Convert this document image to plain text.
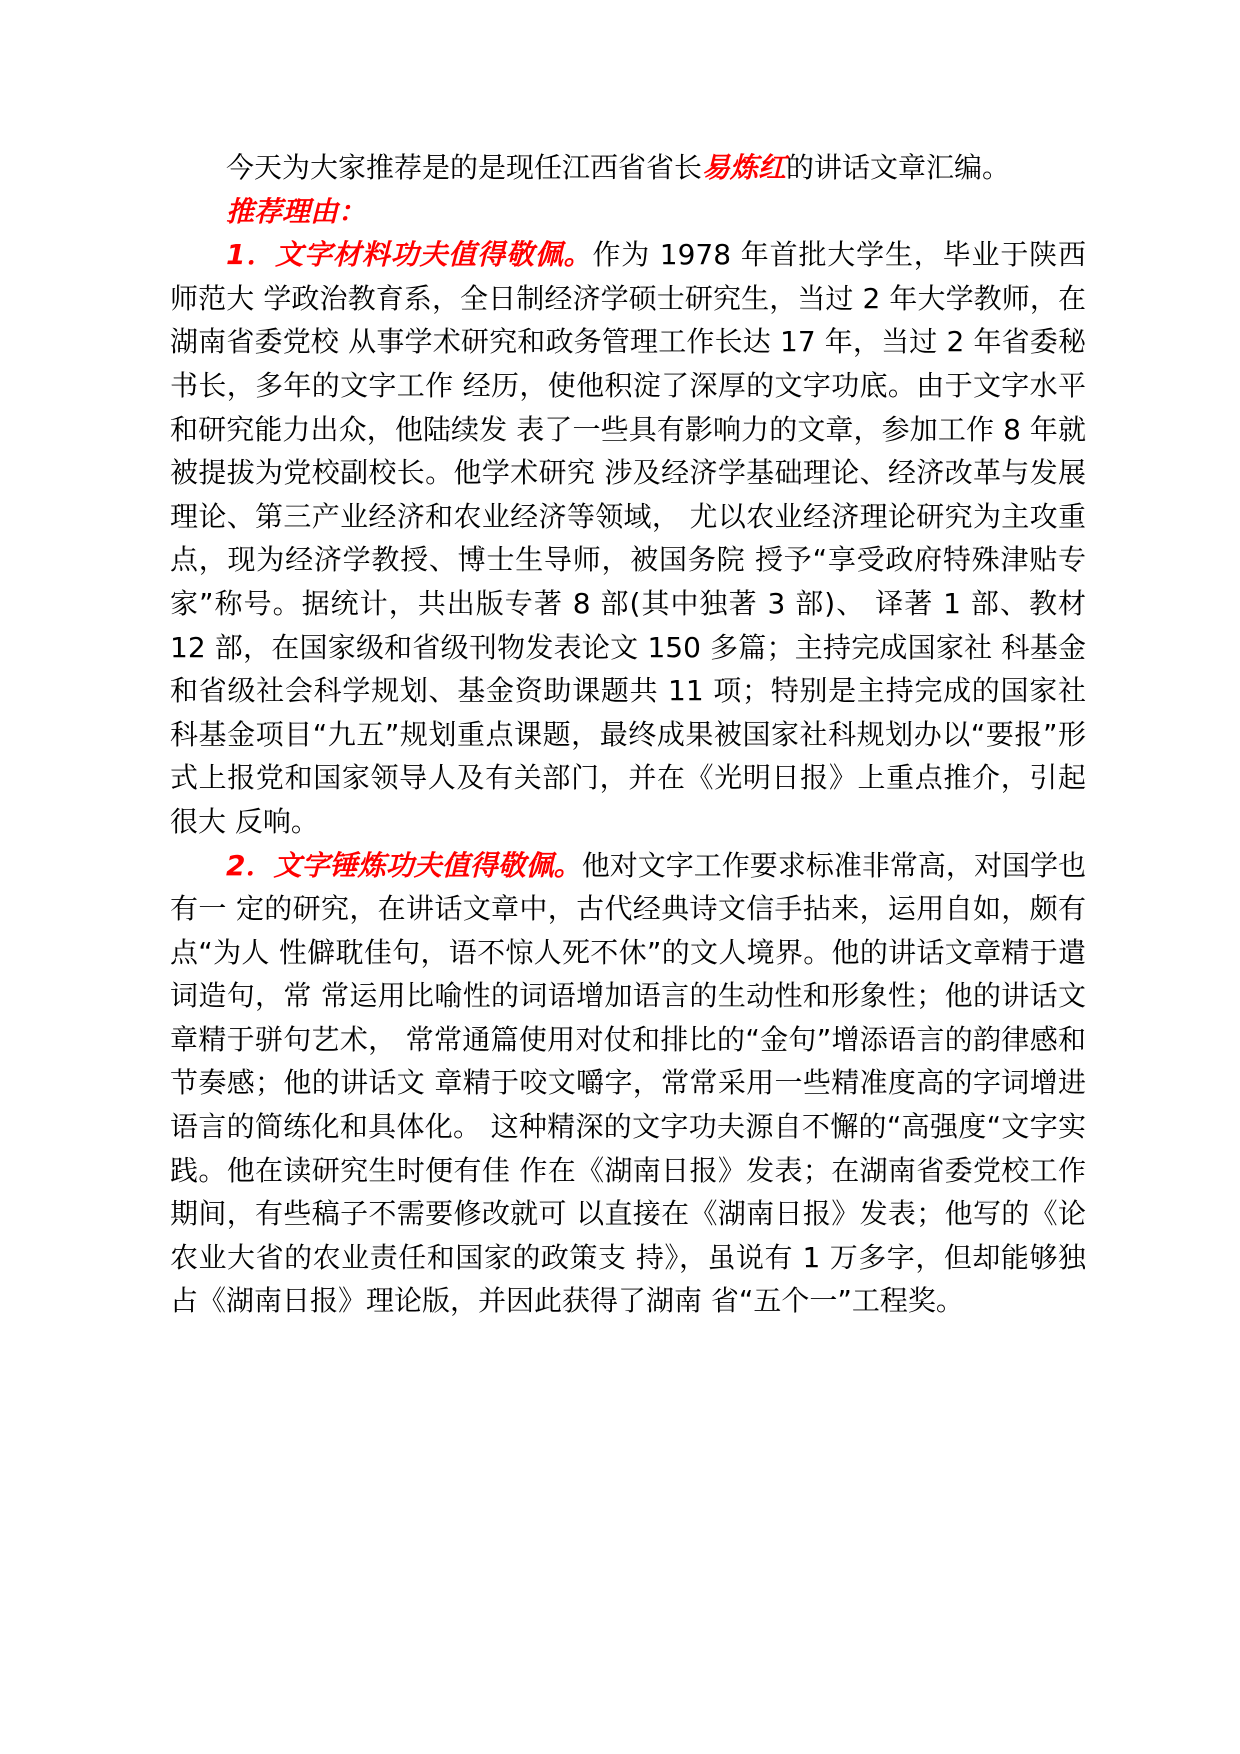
今天为大家推荐是的是现任江西省省长易炼红的讲话文章汇编。

推荐理由：

1．文字材料功夫值得敬佩。作为 1978 年首批大学生，毕业于陕西师范大 学政治教育系，全日制经济学硕士研究生，当过 2 年大学教师，在湖南省委党校 从事学术研究和政务管理工作长达 17 年，当过 2 年省委秘书长，多年的文字工作 经历，使他积淀了深厚的文字功底。由于文字水平和研究能力出众，他陆续发 表了一些具有影响力的文章，参加工作 8 年就被提拔为党校副校长。他学术研究 涉及经济学基础理论、经济改革与发展理论、第三产业经济和农业经济等领域， 尤以农业经济理论研究为主攻重点，现为经济学教授、博士生导师，被国务院 授予“享受政府特殊津贴专家”称号。据统计，共出版专著 8 部(其中独著 3 部)、 译著 1 部、教材 12 部，在国家级和省级刊物发表论文 150 多篇；主持完成国家社 科基金和省级社会科学规划、基金资助课题共 11 项；特别是主持完成的国家社 科基金项目“九五”规划重点课题，最终成果被国家社科规划办以“要报”形 式上报党和国家领导人及有关部门，并在《光明日报》上重点推介，引起很大 反响。

2．文字锤炼功夫值得敬佩。他对文字工作要求标准非常高，对国学也有一 定的研究，在讲话文章中，古代经典诗文信手拈来，运用自如，颇有点“为人 性僻耽佳句，语不惊人死不休”的文人境界。他的讲话文章精于遣词造句，常 常运用比喻性的词语增加语言的生动性和形象性；他的讲话文章精于骈句艺术， 常常通篇使用对仗和排比的“金句”增添语言的韵律感和节奏感；他的讲话文 章精于咬文嚼字，常常采用一些精准度高的字词增进语言的简练化和具体化。 这种精深的文字功夫源自不懈的“高强度“文字实践。他在读研究生时便有佳 作在《湖南日报》发表；在湖南省委党校工作期间，有些稿子不需要修改就可 以直接在《湖南日报》发表；他写的《论农业大省的农业责任和国家的政策支 持》，虽说有 1 万多字，但却能够独占《湖南日报》理论版，并因此获得了湖南 省“五个一”工程奖。
